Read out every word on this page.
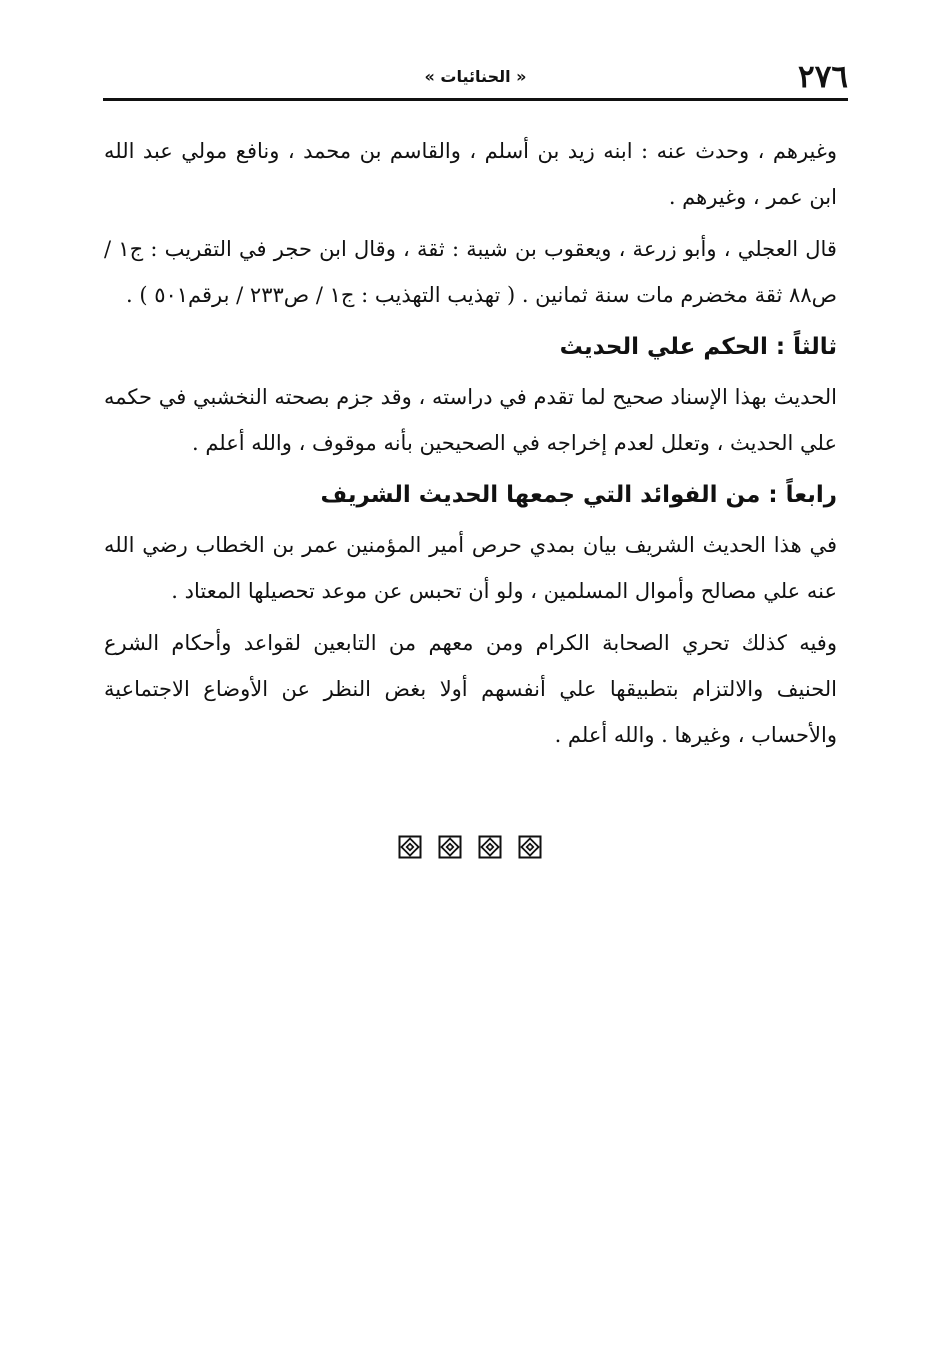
٢٧٦
« الحنائيات »

وغيرهم ، وحدث عنه : ابنه زيد بن أسلم ، والقاسم بن محمد ، ونافع مولي عبد الله ابن عمر ، وغيرهم .

قال العجلي ، وأبو زرعة ، ويعقوب بن شيبة : ثقة ، وقال ابن حجر في التقريب : ج١ / ص٨٨ ثقة مخضرم مات سنة ثمانين . ( تهذيب التهذيب : ج١ / ص٢٣٣ / برقم٥٠١ ) .

ثالثاً : الحكم علي الحديث

الحديث بهذا الإسناد صحيح لما تقدم في دراسته ، وقد جزم بصحته النخشبي في حكمه علي الحديث ، وتعلل لعدم إخراجه في الصحيحين بأنه موقوف ، والله أعلم .

رابعاً : من الفوائد التي جمعها الحديث الشريف

في هذا الحديث الشريف بيان بمدي حرص أمير المؤمنين عمر بن الخطاب رضي الله عنه علي مصالح وأموال المسلمين ، ولو أن تحبس عن موعد تحصيلها المعتاد .

وفيه كذلك تحري الصحابة الكرام ومن معهم من التابعين لقواعد وأحكام الشرع الحنيف والالتزام بتطبيقها علي أنفسهم أولا بغض النظر عن الأوضاع الاجتماعية والأحساب ، وغيرها . والله أعلم .
